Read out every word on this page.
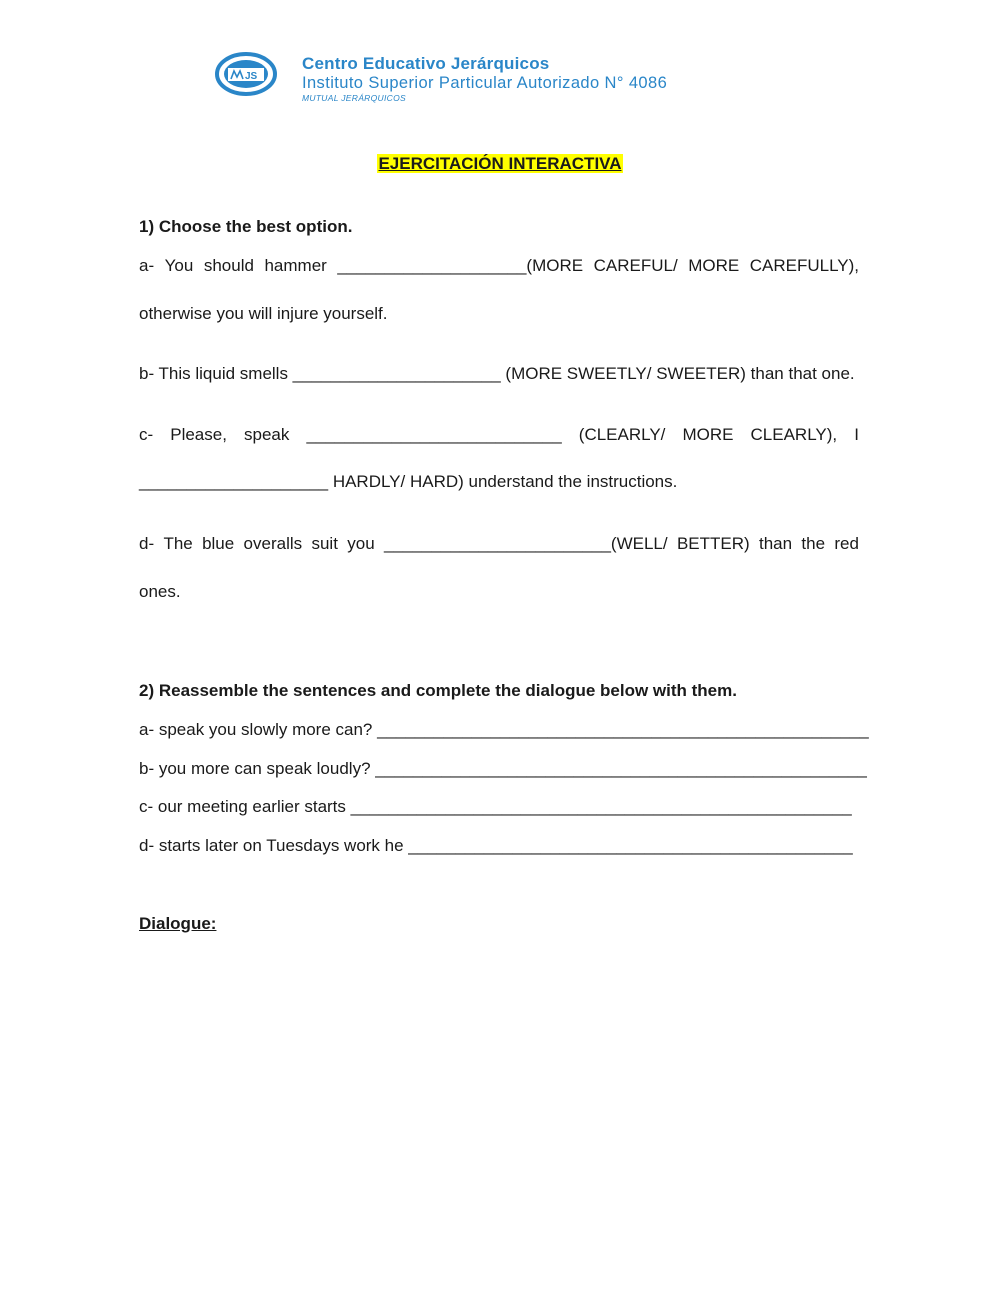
JS
Centro Educativo Jerárquicos
Instituto Superior Particular Autorizado N° 4086
MUTUAL JERÁRQUICOS
EJERCITACIÓN INTERACTIVA
1) Choose the best option.
a- You should hammer ____________________(MORE CAREFUL/ MORE CAREFULLY),
otherwise you will injure yourself.
b- This liquid smells ______________________ (MORE SWEETLY/ SWEETER) than that one.
c- Please, speak ___________________________ (CLEARLY/ MORE CLEARLY), I
____________________ HARDLY/ HARD) understand the instructions.
d- The blue overalls suit you ________________________(WELL/ BETTER) than the red
ones.
2) Reassemble the sentences and complete the dialogue below with them.
a- speak you slowly more can? ____________________________________________________
b- you more can speak loudly? ____________________________________________________
c- our meeting earlier starts _____________________________________________________
d- starts later on Tuesdays work he _______________________________________________
Dialogue:
